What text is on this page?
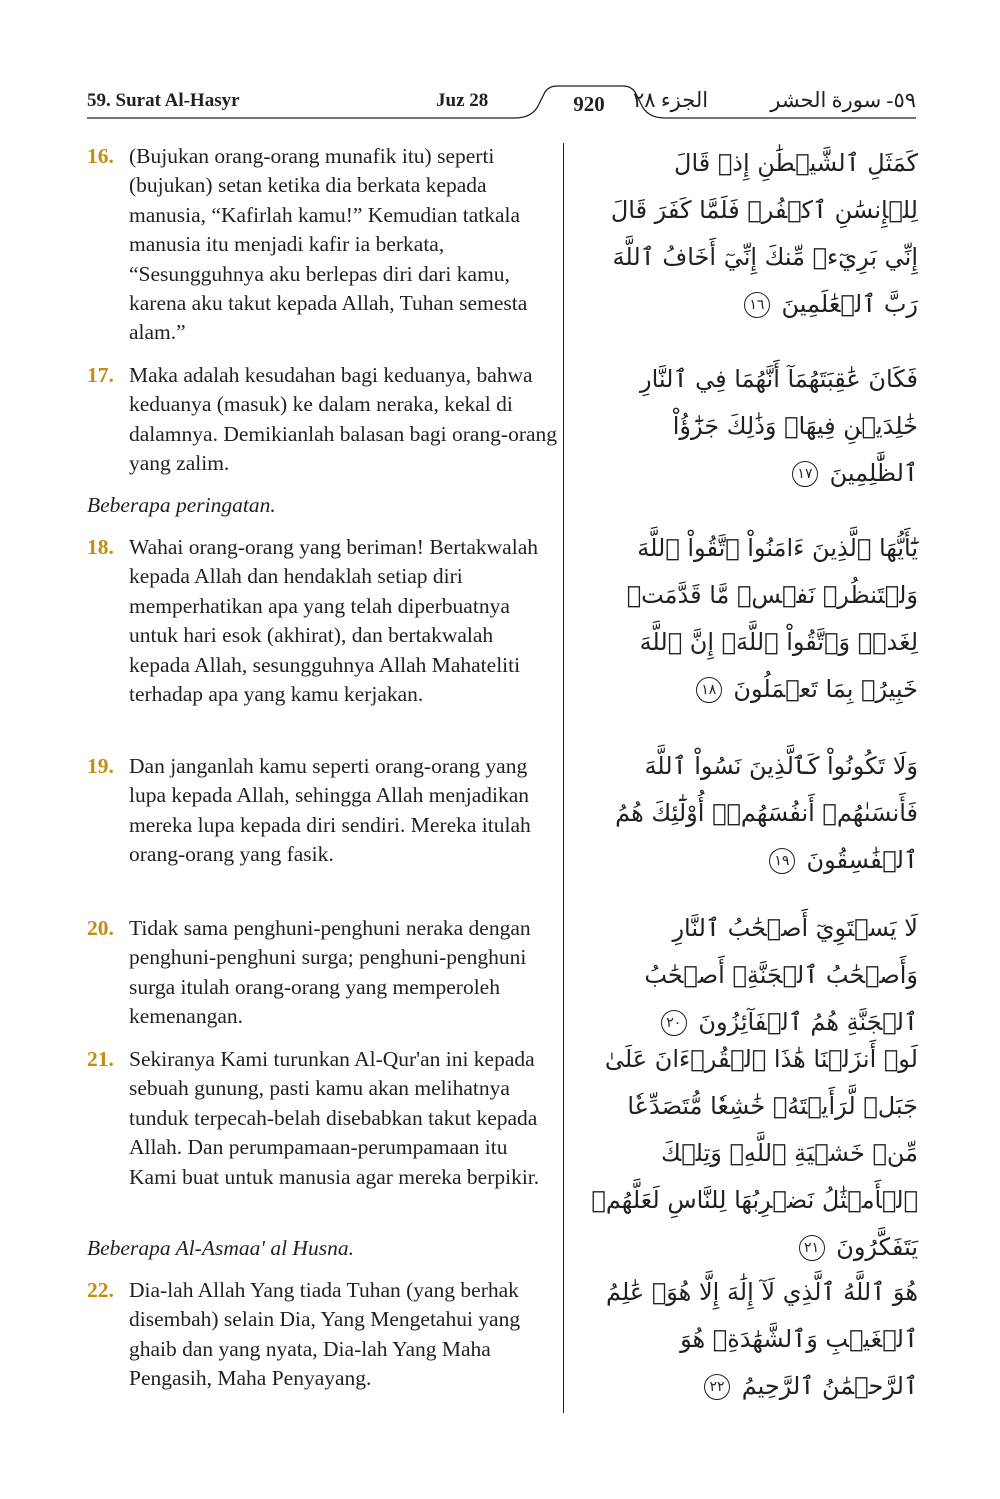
59. Surat Al-Hasyr	Juz 28	920	الجزء ٢٨	٥٩- سورة الحشر
16. (Bujukan orang-orang munafik itu) seperti (bujukan) setan ketika dia berkata kepada manusia, “Kafirlah kamu!” Kemudian tatkala manusia itu menjadi kafir ia berkata, “Sesungguhnya aku berlepas diri dari kamu, karena aku takut kepada Allah, Tuhan semesta alam.”
كَمَثَلِ ٱلشَّيۡطَٰنِ إِذۡ قَالَ لِلۡإِنسَٰنِ ٱكۡفُرۡ فَلَمَّا كَفَرَ قَالَ إِنِّي بَرِيٓءٞ مِّنكَ إِنِّيٓ أَخَافُ ٱللَّهَ رَبَّ ٱلۡعَٰلَمِينَ ١٦
17. Maka adalah kesudahan bagi keduanya, bahwa keduanya (masuk) ke dalam neraka, kekal di dalamnya. Demikianlah balasan bagi orang-orang yang zalim.
فَكَانَ عَٰقِبَتَهُمَآ أَنَّهُمَا فِي ٱلنَّارِ خَٰلِدَيۡنِ فِيهَاۚ وَذَٰلِكَ جَزَٰٓؤُاْ ٱلظَّٰلِمِينَ ١٧
Beberapa peringatan.
18. Wahai orang-orang yang beriman! Bertakwalah kepada Allah dan hendaklah setiap diri memperhatikan apa yang telah diperbuatnya untuk hari esok (akhirat), dan bertakwalah kepada Allah, sesungguhnya Allah Mahateliti terhadap apa yang kamu kerjakan.
يَٰٓأَيُّهَا ٱلَّذِينَ ءَامَنُواْ ٱتَّقُواْ ٱللَّهَ وَلۡتَنظُرۡ نَفۡسٞ مَّا قَدَّمَتۡ لِغَدٖۖ وَٱتَّقُواْ ٱللَّهَۚ إِنَّ ٱللَّهَ خَبِيرُۢ بِمَا تَعۡمَلُونَ ١٨
19. Dan janganlah kamu seperti orang-orang yang lupa kepada Allah, sehingga Allah menjadikan mereka lupa kepada diri sendiri. Mereka itulah orang-orang yang fasik.
وَلَا تَكُونُواْ كَٱلَّذِينَ نَسُواْ ٱللَّهَ فَأَنسَىٰهُمۡ أَنفُسَهُمۡۚ أُوْلَٰٓئِكَ هُمُ ٱلۡفَٰسِقُونَ ١٩
20. Tidak sama penghuni-penghuni neraka dengan penghuni-penghuni surga; penghuni-penghuni surga itulah orang-orang yang memperoleh kemenangan.
لَا يَسۡتَوِيٓ أَصۡحَٰبُ ٱلنَّارِ وَأَصۡحَٰبُ ٱلۡجَنَّةِۚ أَصۡحَٰبُ ٱلۡجَنَّةِ هُمُ ٱلۡفَآئِزُونَ ٢٠
21. Sekiranya Kami turunkan Al-Qur'an ini kepada sebuah gunung, pasti kamu akan melihatnya tunduk terpecah-belah disebabkan takut kepada Allah. Dan perumpamaan-perumpamaan itu Kami buat untuk manusia agar mereka berpikir.
لَوۡ أَنزَلۡنَا هَٰذَا ٱلۡقُرۡءَانَ عَلَىٰ جَبَلٖ لَّرَأَيۡتَهُۥ خَٰشِعٗا مُّتَصَدِّعٗا مِّنۡ خَشۡيَةِ ٱللَّهِۚ وَتِلۡكَ ٱلۡأَمۡثَٰلُ نَضۡرِبُهَا لِلنَّاسِ لَعَلَّهُمۡ يَتَفَكَّرُونَ ٢١
Beberapa Al-Asmaa' al Husna.
22. Dia-lah Allah Yang tiada Tuhan (yang berhak disembah) selain Dia, Yang Mengetahui yang ghaib dan yang nyata, Dia-lah Yang Maha Pengasih, Maha Penyayang.
هُوَ ٱللَّهُ ٱلَّذِي لَآ إِلَٰهَ إِلَّا هُوَۖ عَٰلِمُ ٱلۡغَيۡبِ وَٱلشَّهَٰدَةِۖ هُوَ ٱلرَّحۡمَٰنُ ٱلرَّحِيمُ ٢٢
